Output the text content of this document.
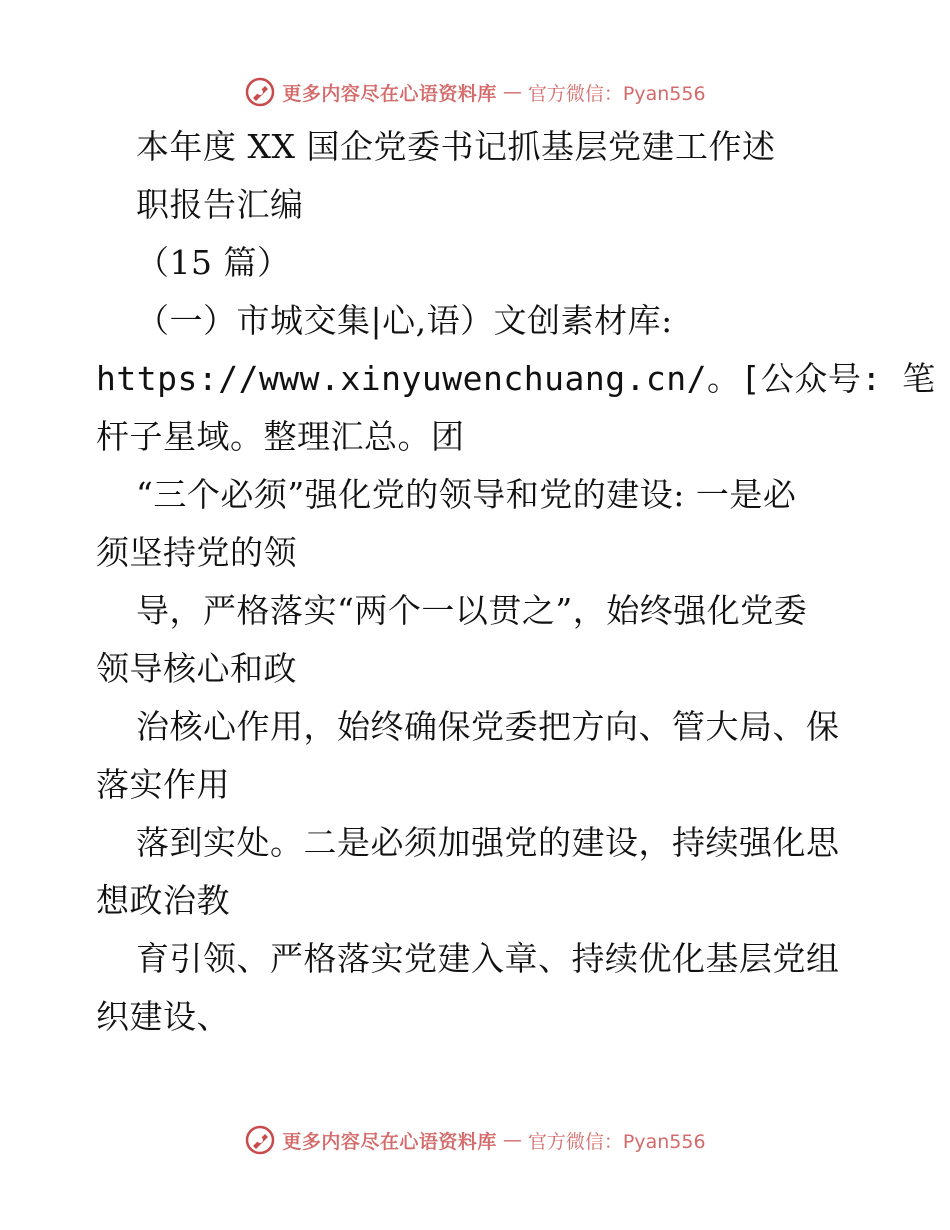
更多内容尽在心语资料库 — 官方微信：Pyan556
本年度 XX 国企党委书记抓基层党建工作述
职报告汇编
（15 篇）
（一）市城交集|心,语）文创素材库:
https://www.xinyuwenchuang.cn/。[公众号: 笔
杆子星域。整理汇总。团
“三个必须”强化党的领导和党的建设: 一是必
须坚持党的领
导，严格落实“两个一以贯之”，始终强化党委
领导核心和政
治核心作用，始终确保党委把方向、管大局、保
落实作用
落到实处。二是必须加强党的建设，持续强化思
想政治教
育引领、严格落实党建入章、持续优化基层党组
织建设、
更多内容尽在心语资料库 — 官方微信：Pyan556
